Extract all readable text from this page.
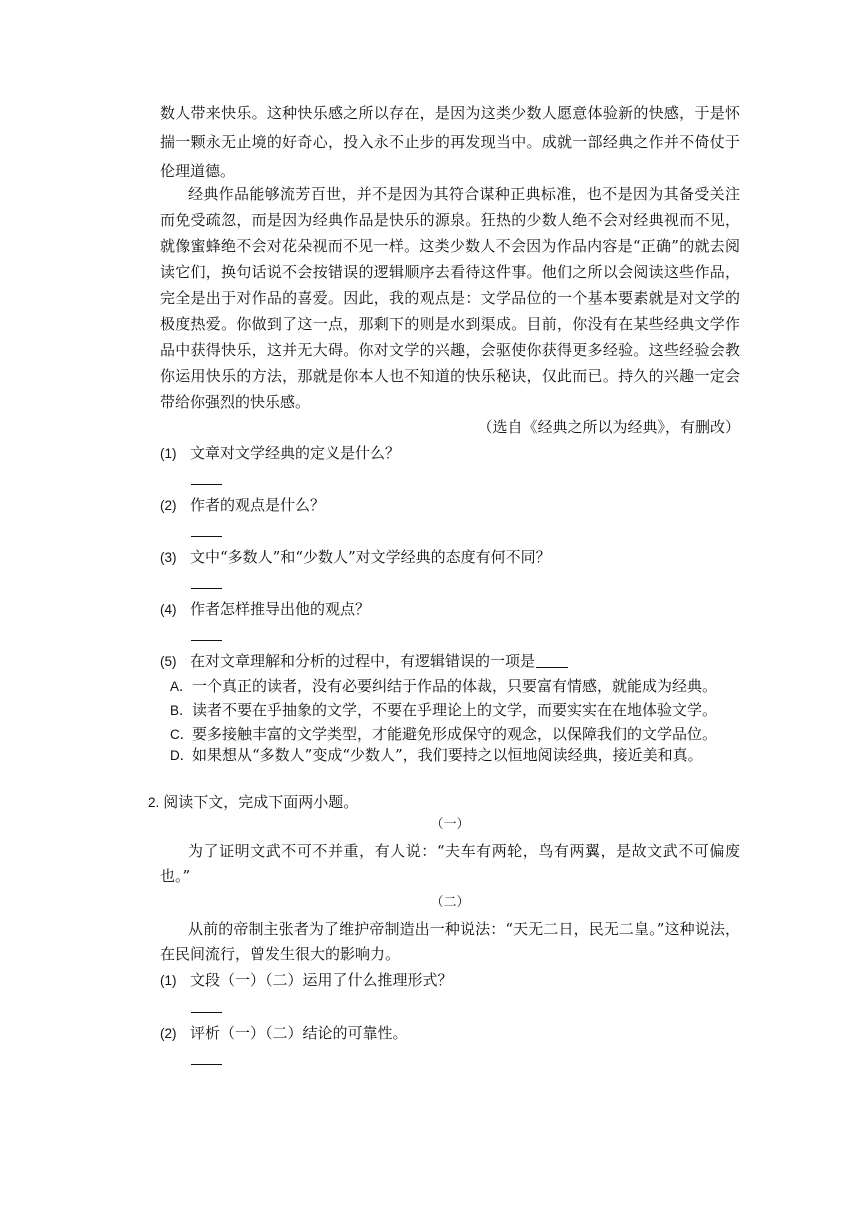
数人带来快乐。这种快乐感之所以存在，是因为这类少数人愿意体验新的快感，于是怀
揣一颗永无止境的好奇心，投入永不止步的再发现当中。成就一部经典之作并不倚仗于
伦理道德。
经典作品能够流芳百世，并不是因为其符合谋种正典标准，也不是因为其备受关注
而免受疏忽，而是因为经典作品是快乐的源泉。狂热的少数人绝不会对经典视而不见，
就像蜜蜂绝不会对花朵视而不见一样。这类少数人不会因为作品内容是“正确”的就去阅
读它们，换句话说不会按错误的逻辑顺序去看待这件事。他们之所以会阅读这些作品，
完全是出于对作品的喜爱。因此，我的观点是：文学品位的一个基本要素就是对文学的
极度热爱。你做到了这一点，那剩下的则是水到渠成。目前，你没有在某些经典文学作
品中获得快乐，这并无大碍。你对文学的兴趣，会驱使你获得更多经验。这些经验会教
你运用快乐的方法，那就是你本人也不知道的快乐秘诀，仅此而已。持久的兴趣一定会
带给你强烈的快乐感。
（选自《经典之所以为经典》，有删改）
(1) 文章对文学经典的定义是什么？
(2) 作者的观点是什么？
(3) 文中“多数人”和“少数人”对文学经典的态度有何不同？
(4) 作者怎样推导出他的观点？
(5) 在对文章理解和分析的过程中，有逻辑错误的一项是
A．一个真正的读者，没有必要纠结于作品的体裁，只要富有情感，就能成为经典。
B．读者不要在乎抽象的文学，不要在乎理论上的文学，而要实实在在地体验文学。
C．要多接触丰富的文学类型，才能避免形成保守的观念，以保障我们的文学品位。
D．如果想从“多数人”变成“少数人”，我们要持之以恒地阅读经典，接近美和真。
2. 阅读下文，完成下面两小题。
（一）
为了证明文武不可不并重，有人说：“夫车有两轮，鸟有两翼，是故文武不可偏废
也。”
（二）
从前的帝制主张者为了维护帝制造出一种说法：“天无二日，民无二皇。”这种说法，
在民间流行，曾发生很大的影响力。
(1) 文段（一）（二）运用了什么推理形式？
(2) 评析（一）（二）结论的可靠性。
